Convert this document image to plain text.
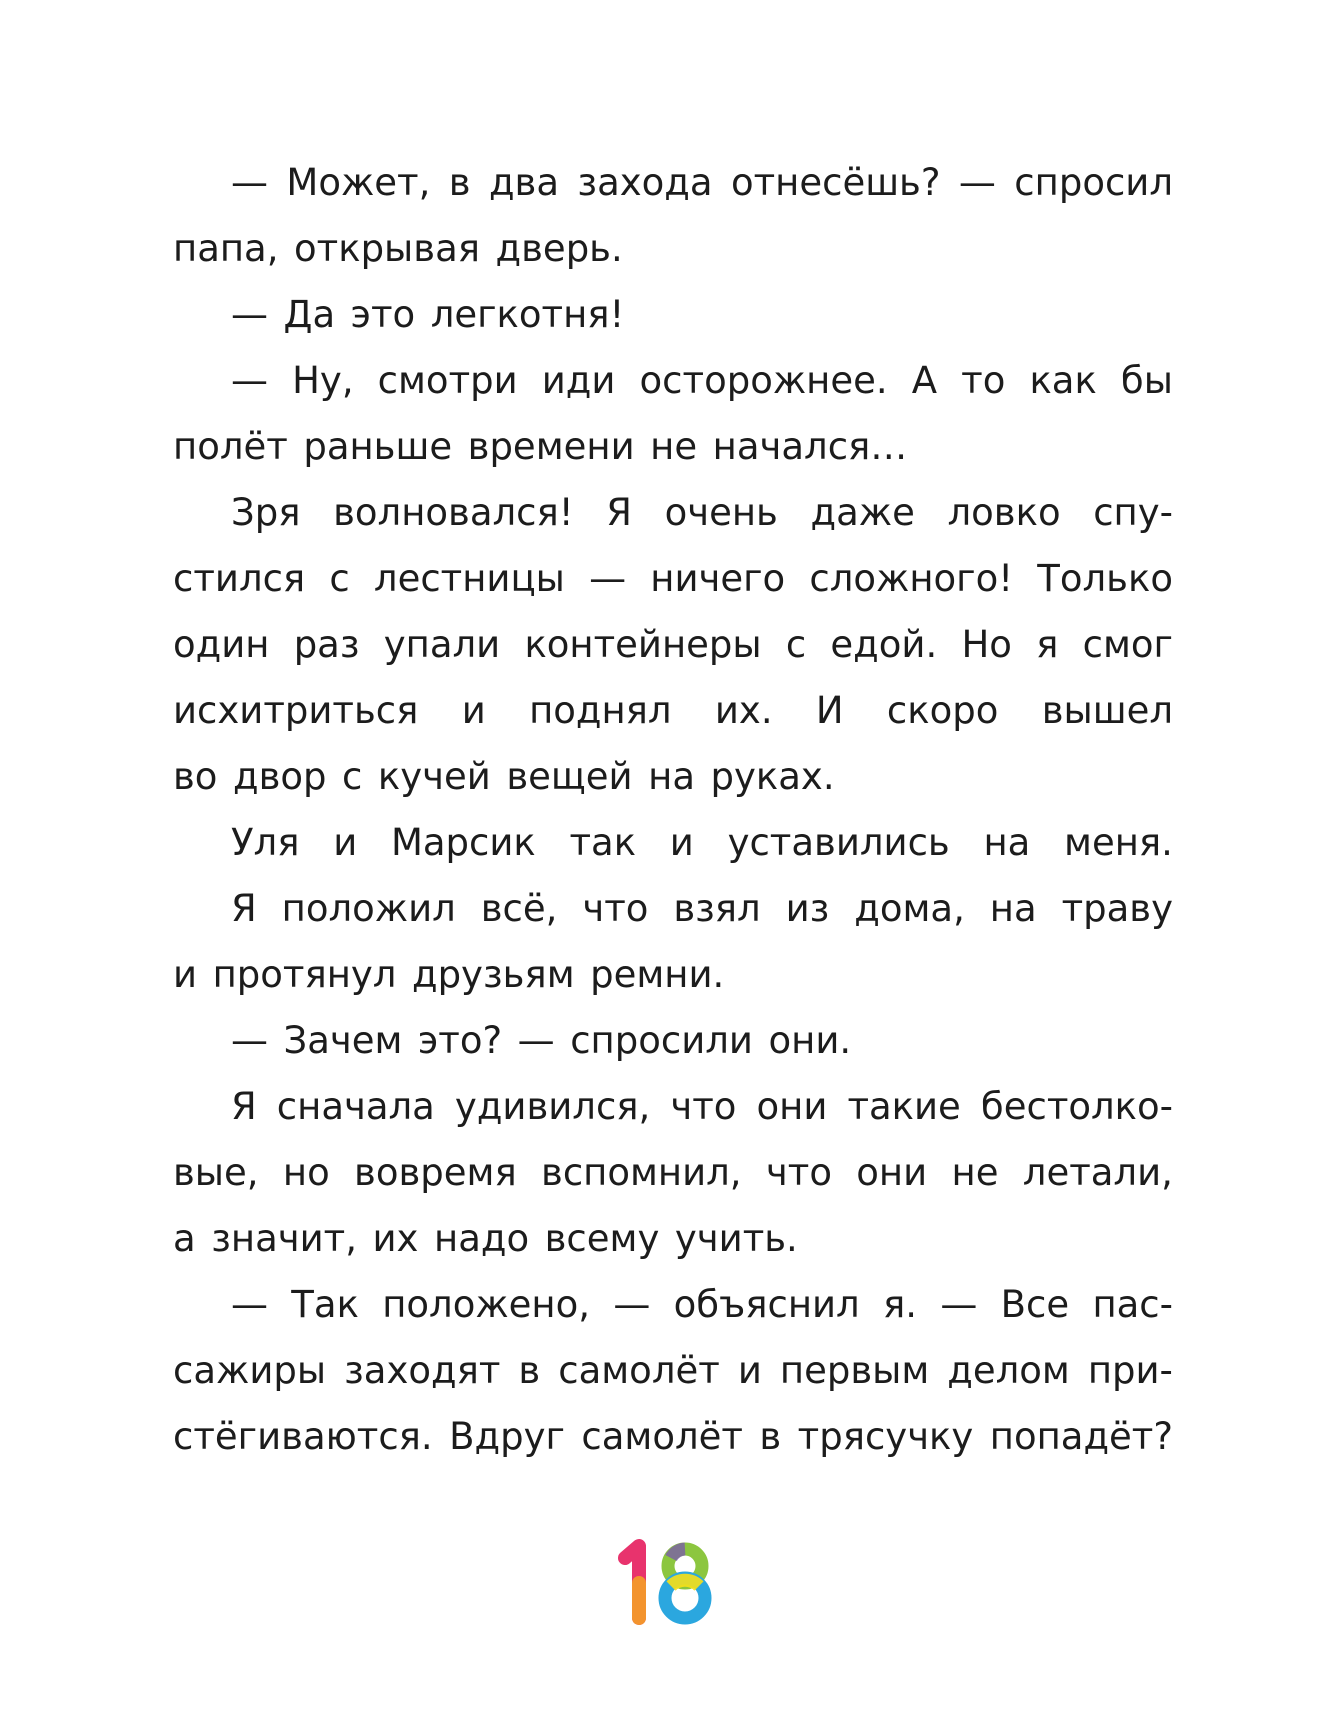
— Может, в два захода отнесёшь? — спросил
папа, открывая дверь.
— Да это легкотня!
— Ну, смотри иди осторожнее. А то как бы
полёт раньше времени не начался…
Зря волновался! Я очень даже ловко спу-
стился с лестницы — ничего сложного! Только
один раз упали контейнеры с едой. Но я смог
исхитриться и поднял их. И скоро вышел
во двор с кучей вещей на руках.
Уля и Марсик так и уставились на меня.
Я положил всё, что взял из дома, на траву
и протянул друзьям ремни.
— Зачем это? — спросили они.
Я сначала удивился, что они такие бестолко-
вые, но вовремя вспомнил, что они не летали,
а значит, их надо всему учить.
— Так положено, — объяснил я. — Все пас-
сажиры заходят в самолёт и первым делом при-
стёгиваются. Вдруг самолёт в трясучку попадёт?
